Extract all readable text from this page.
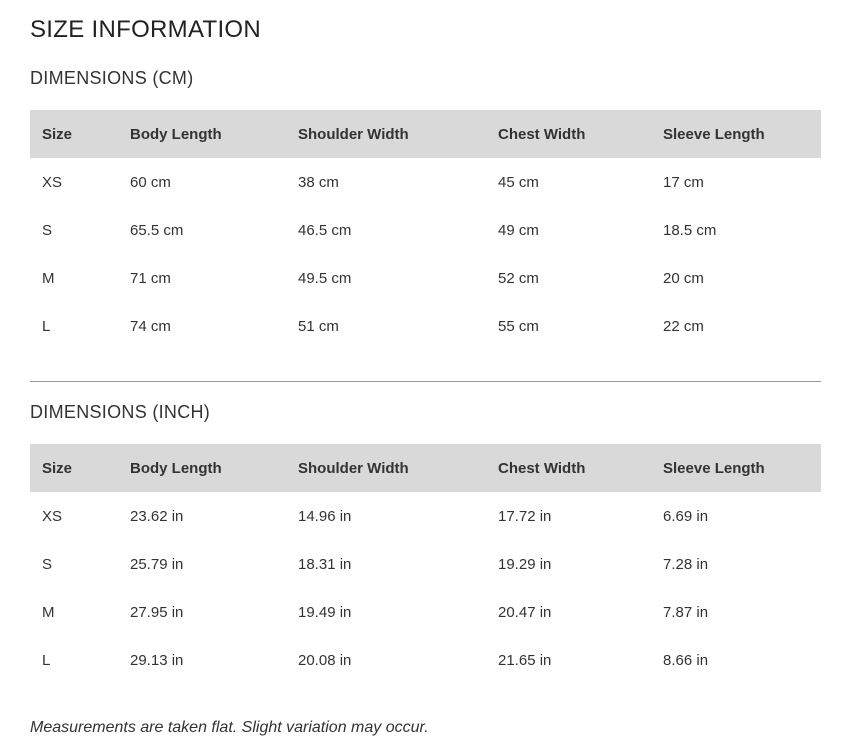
SIZE INFORMATION
DIMENSIONS (CM)
Size	Body Length	Shoulder Width	Chest Width	Sleeve Length
XS	60 cm	38 cm	45 cm	17 cm
S	65.5 cm	46.5 cm	49 cm	18.5 cm
M	71 cm	49.5 cm	52 cm	20 cm
L	74 cm	51 cm	55 cm	22 cm
DIMENSIONS (INCH)
Size	Body Length	Shoulder Width	Chest Width	Sleeve Length
XS	23.62 in	14.96 in	17.72 in	6.69 in
S	25.79 in	18.31 in	19.29 in	7.28 in
M	27.95 in	19.49 in	20.47 in	7.87 in
L	29.13 in	20.08 in	21.65 in	8.66 in

Measurements are taken flat. Slight variation may occur.
